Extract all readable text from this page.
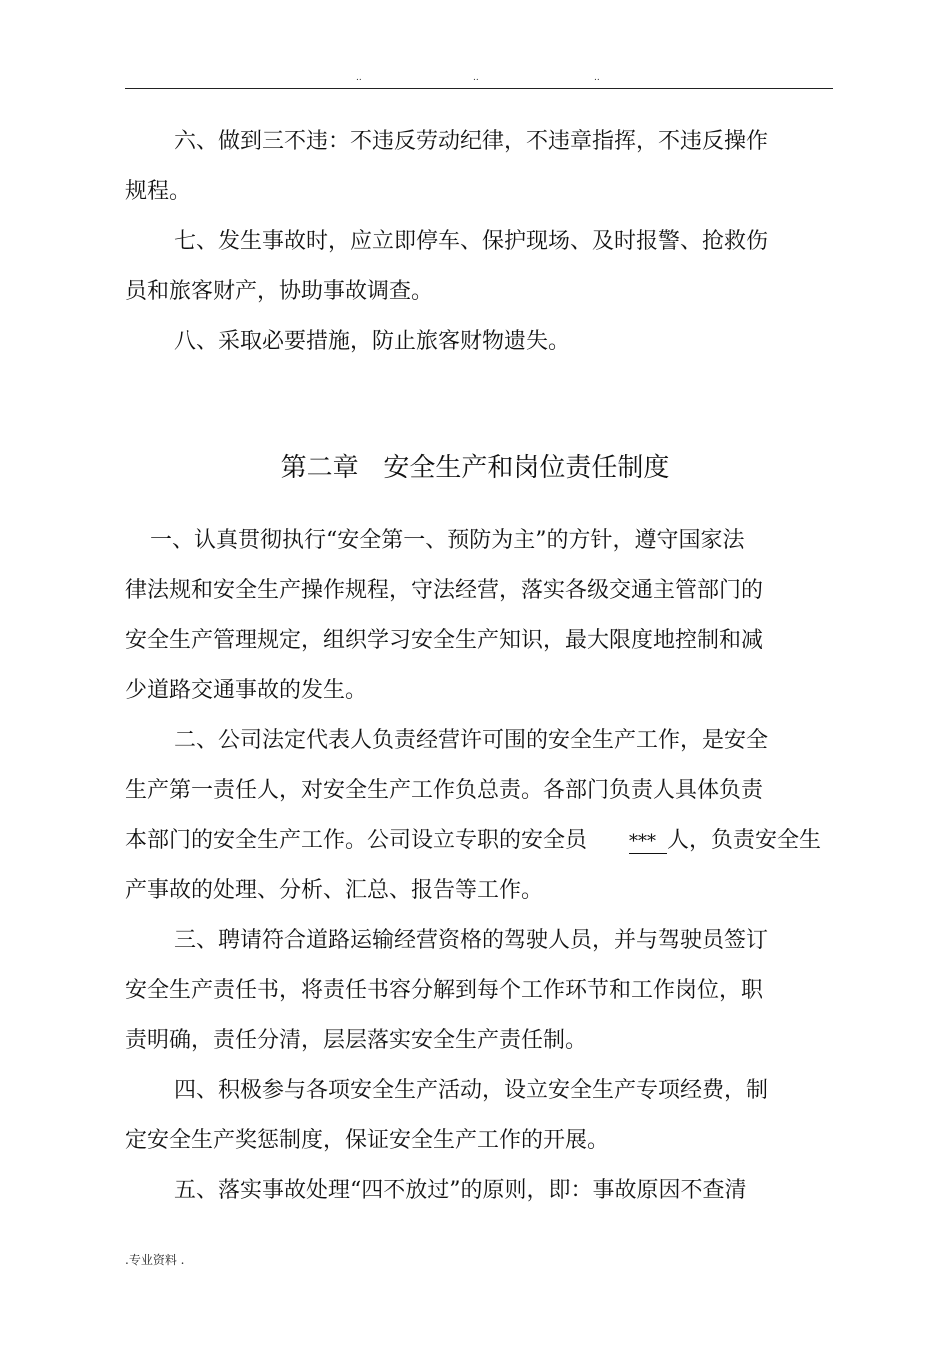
..	..	..
六、做到三不违：不违反劳动纪律，不违章指挥，不违反操作
规程。
七、发生事故时，应立即停车、保护现场、及时报警、抢救伤
员和旅客财产，协助事故调查。
八、采取必要措施，防止旅客财物遗失。
第二章   安全生产和岗位责任制度
一、认真贯彻执行“安全第一、预防为主”的方针，遵守国家法
律法规和安全生产操作规程，守法经营，落实各级交通主管部门的
安全生产管理规定，组织学习安全生产知识，最大限度地控制和减
少道路交通事故的发生。
二、公司法定代表人负责经营许可围的安全生产工作，是安全
生产第一责任人，对安全生产工作负总责。各部门负责人具体负责
本部门的安全生产工作。公司设立专职的安全员 *** 人，负责安全生
产事故的处理、分析、汇总、报告等工作。
三、聘请符合道路运输经营资格的驾驶人员，并与驾驶员签订
安全生产责任书，将责任书容分解到每个工作环节和工作岗位，职
责明确，责任分清，层层落实安全生产责任制。
四、积极参与各项安全生产活动，设立安全生产专项经费，制
定安全生产奖惩制度，保证安全生产工作的开展。
五、落实事故处理“四不放过”的原则，即：事故原因不查清
.专业资料 .
